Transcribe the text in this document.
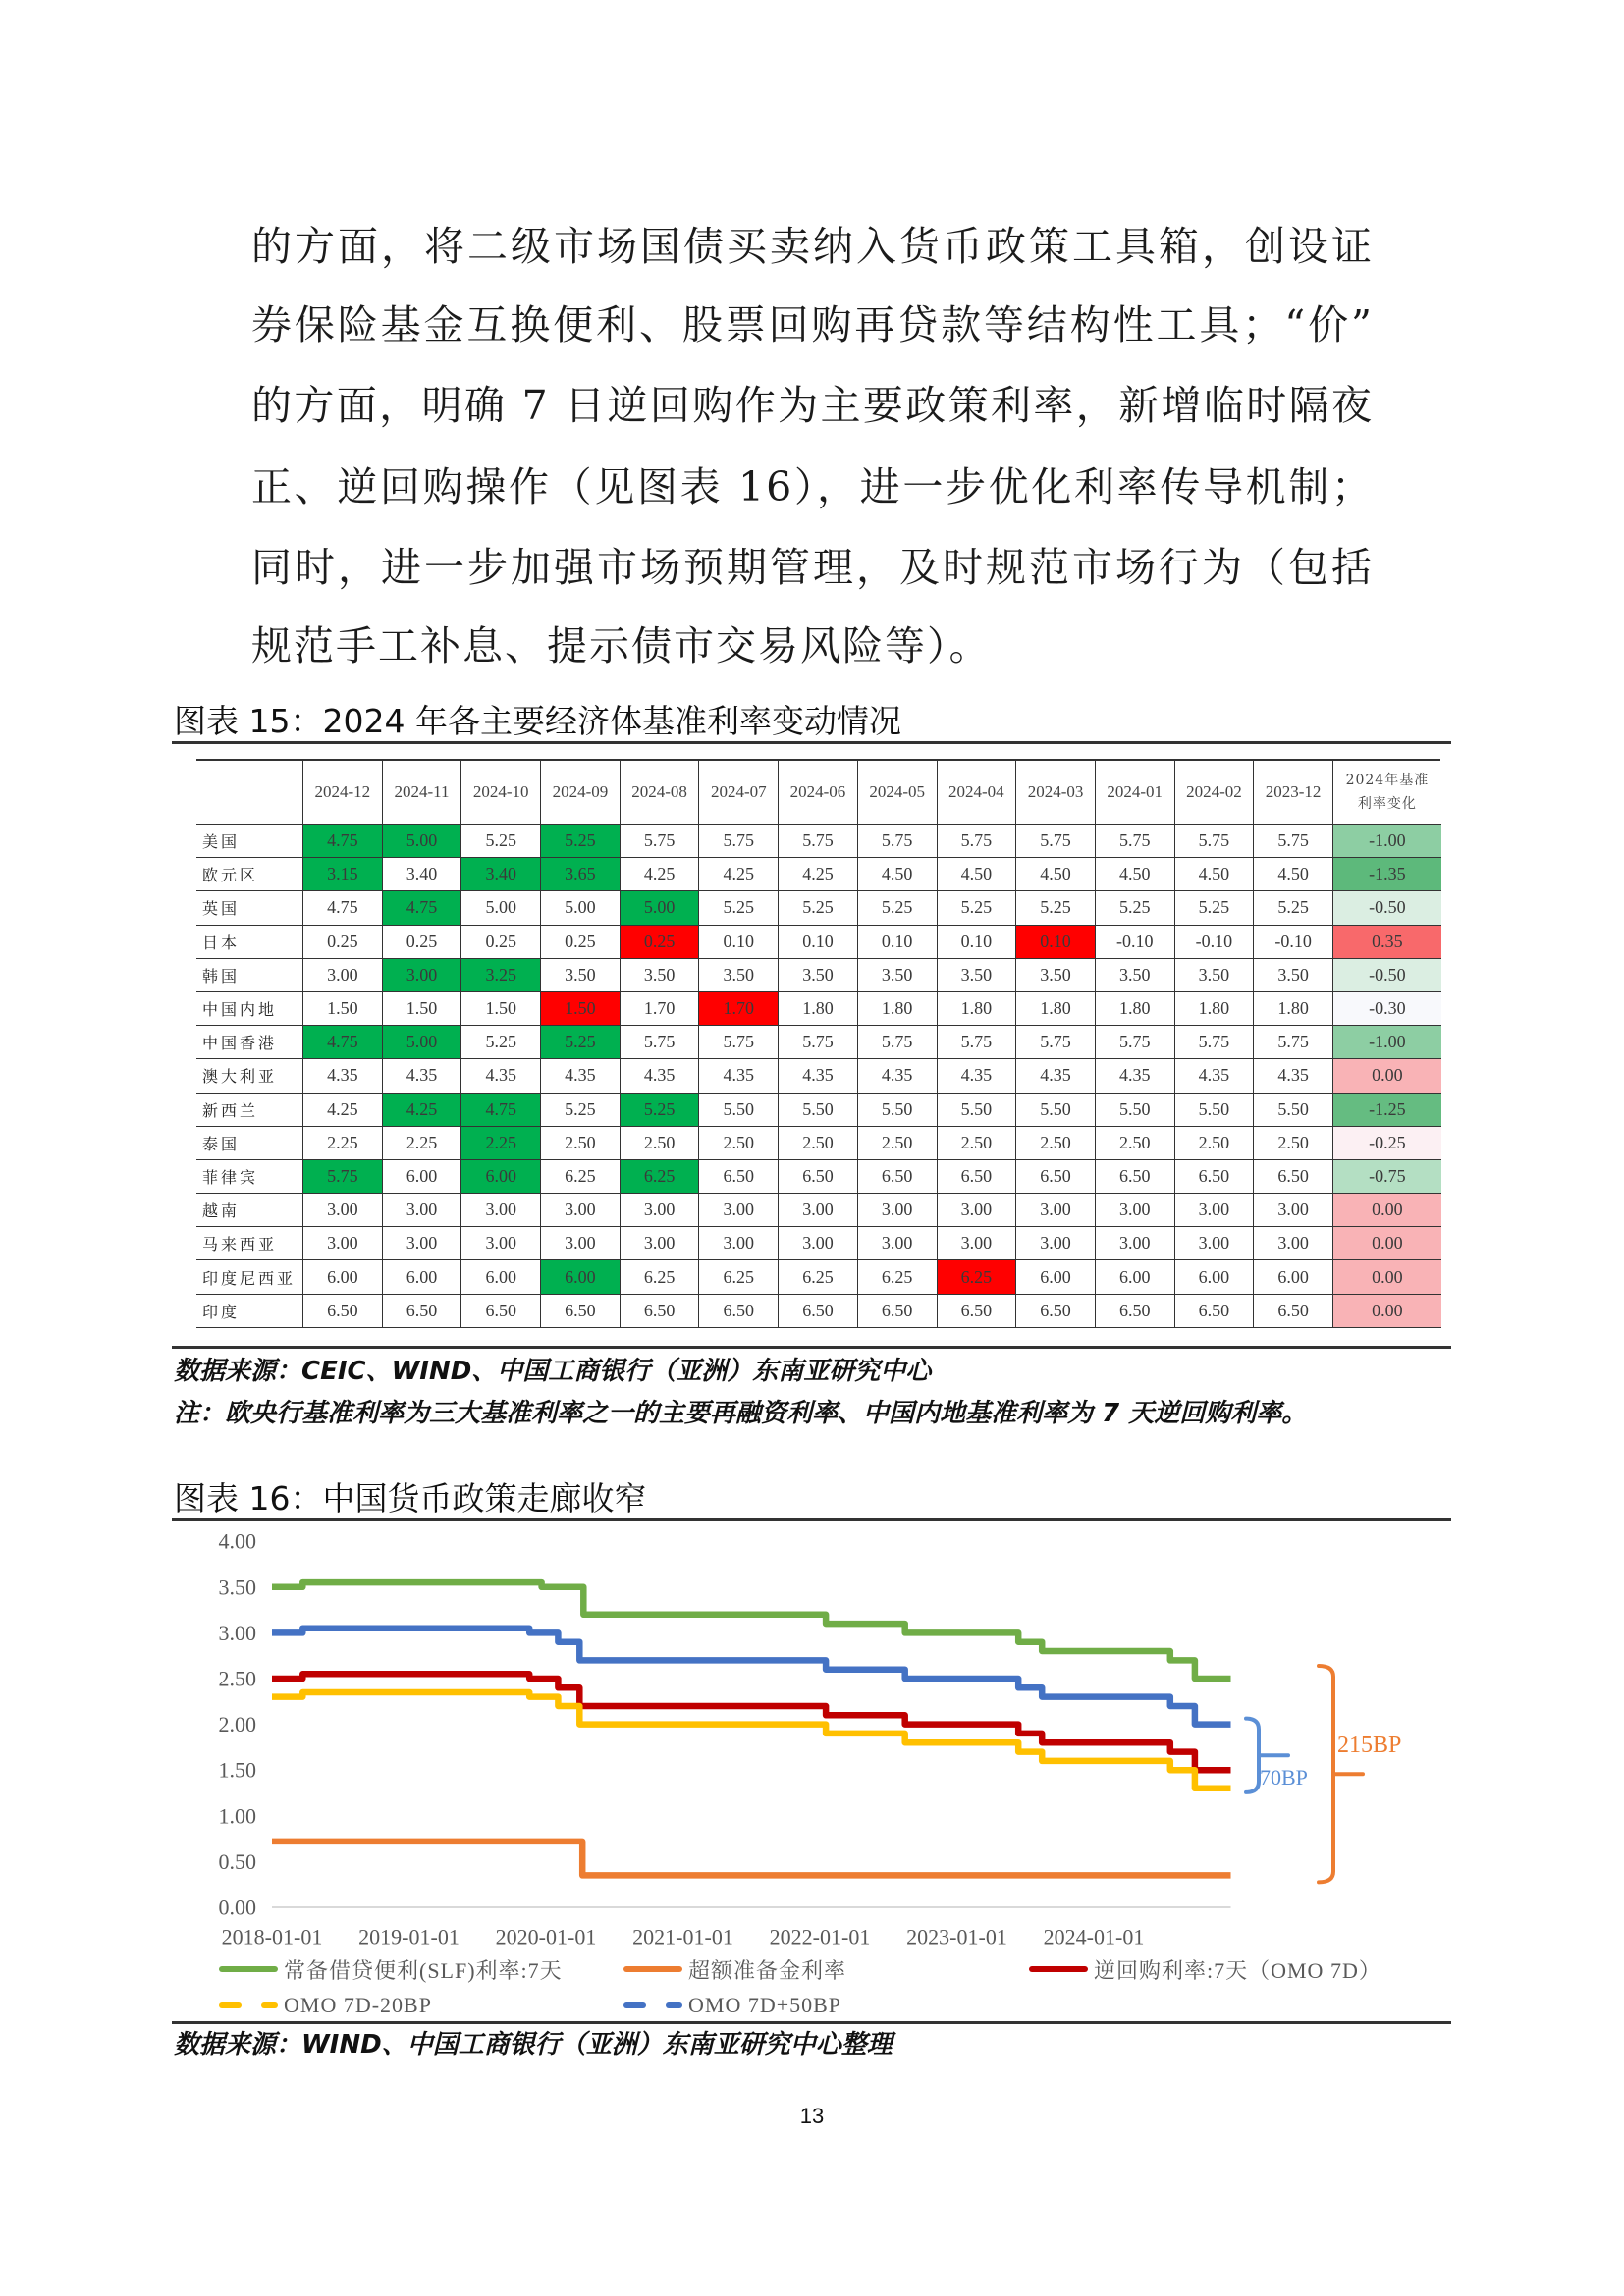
的方面，将二级市场国债买卖纳入货币政策工具箱，创设证
券保险基金互换便利、股票回购再贷款等结构性工具；“价”
的方面，明确 7 日逆回购作为主要政策利率，新增临时隔夜
正、逆回购操作（见图表 16），进一步优化利率传导机制；
同时，进一步加强市场预期管理，及时规范市场行为（包括
规范手工补息、提示债市交易风险等）。
图表 15：2024 年各主要经济体基准利率变动情况
2024-12	2024-11	2024-10	2024-09	2024-08	2024-07	2024-06	2024-05	2024-04	2024-03	2024-01	2024-02	2023-12
2024年基准
利率变化
美国	4.75	5.00	5.25	5.25	5.75	5.75	5.75	5.75	5.75	5.75	5.75	5.75	5.75	-1.00
欧元区	3.15	3.40	3.40	3.65	4.25	4.25	4.25	4.50	4.50	4.50	4.50	4.50	4.50	-1.35
英国	4.75	4.75	5.00	5.00	5.00	5.25	5.25	5.25	5.25	5.25	5.25	5.25	5.25	-0.50
日本	0.25	0.25	0.25	0.25	0.25	0.10	0.10	0.10	0.10	0.10	-0.10	-0.10	-0.10	0.35
韩国	3.00	3.00	3.25	3.50	3.50	3.50	3.50	3.50	3.50	3.50	3.50	3.50	3.50	-0.50
中国内地	1.50	1.50	1.50	1.50	1.70	1.70	1.80	1.80	1.80	1.80	1.80	1.80	1.80	-0.30
中国香港	4.75	5.00	5.25	5.25	5.75	5.75	5.75	5.75	5.75	5.75	5.75	5.75	5.75	-1.00
澳大利亚	4.35	4.35	4.35	4.35	4.35	4.35	4.35	4.35	4.35	4.35	4.35	4.35	4.35	0.00
新西兰	4.25	4.25	4.75	5.25	5.25	5.50	5.50	5.50	5.50	5.50	5.50	5.50	5.50	-1.25
泰国	2.25	2.25	2.25	2.50	2.50	2.50	2.50	2.50	2.50	2.50	2.50	2.50	2.50	-0.25
菲律宾	5.75	6.00	6.00	6.25	6.25	6.50	6.50	6.50	6.50	6.50	6.50	6.50	6.50	-0.75
越南	3.00	3.00	3.00	3.00	3.00	3.00	3.00	3.00	3.00	3.00	3.00	3.00	3.00	0.00
马来西亚	3.00	3.00	3.00	3.00	3.00	3.00	3.00	3.00	3.00	3.00	3.00	3.00	3.00	0.00
印度尼西亚	6.00	6.00	6.00	6.00	6.25	6.25	6.25	6.25	6.25	6.00	6.00	6.00	6.00	0.00
印度	6.50	6.50	6.50	6.50	6.50	6.50	6.50	6.50	6.50	6.50	6.50	6.50	6.50	0.00
数据来源：CEIC、WIND、中国工商银行（亚洲）东南亚研究中心
注：欧央行基准利率为三大基准利率之一的主要再融资利率、中国内地基准利率为 7 天逆回购利率。
图表 16：中国货币政策走廊收窄
0.00
0.50
1.00
1.50
2.00
2.50
3.00
3.50
4.00
2018-01-01 2019-01-01 2020-01-01 2021-01-01 2022-01-01 2023-01-01 2024-01-01
70BP
215BP
常备借贷便利(SLF)利率:7天	超额准备金利率	逆回购利率:7天（OMO 7D）
OMO 7D-20BP	OMO 7D+50BP
数据来源：WIND、中国工商银行（亚洲）东南亚研究中心整理
13
